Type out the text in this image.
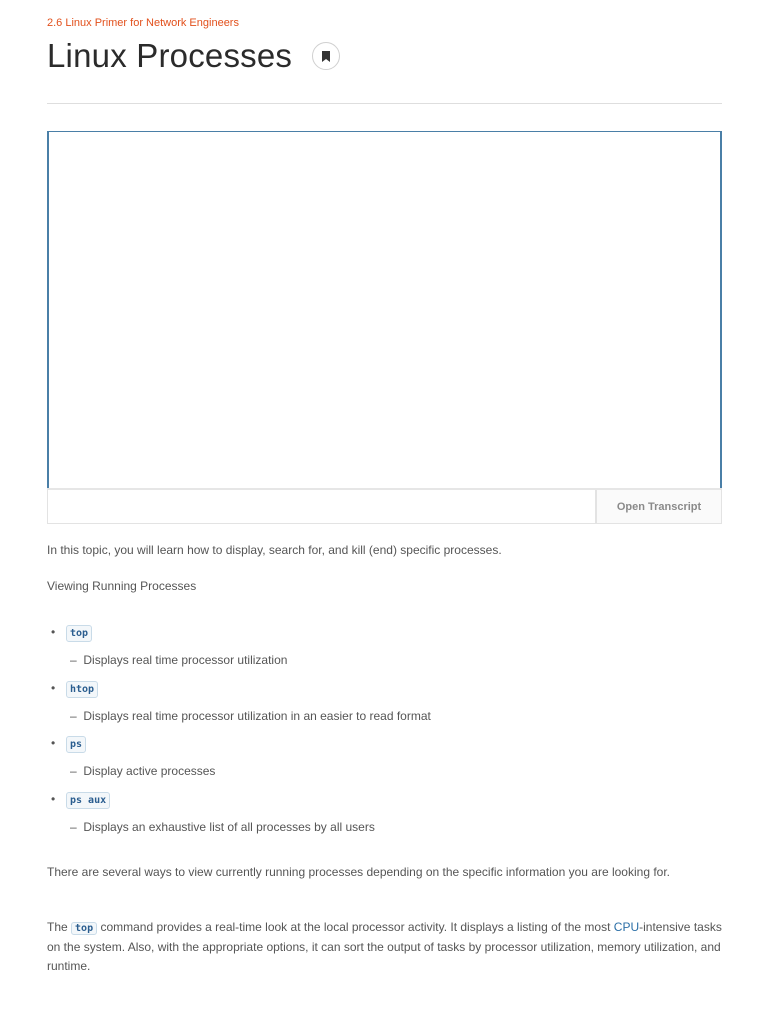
2.6 Linux Primer for Network Engineers
Linux Processes
Open Transcript

In this topic, you will learn how to display, search for, and kill (end) specific processes.

Viewing Running Processes

•	top
– Displays real time processor utilization
•	htop
– Displays real time processor utilization in an easier to read format
•	ps
– Display active processes
•	ps aux
– Displays an exhaustive list of all processes by all users

There are several ways to view currently running processes depending on the specific information you are looking for.

The top command provides a real-time look at the local processor activity. It displays a listing of the most CPU-intensive tasks on the system. Also, with the appropriate options, it can sort the output of tasks by processor utilization, memory utilization, and runtime.
